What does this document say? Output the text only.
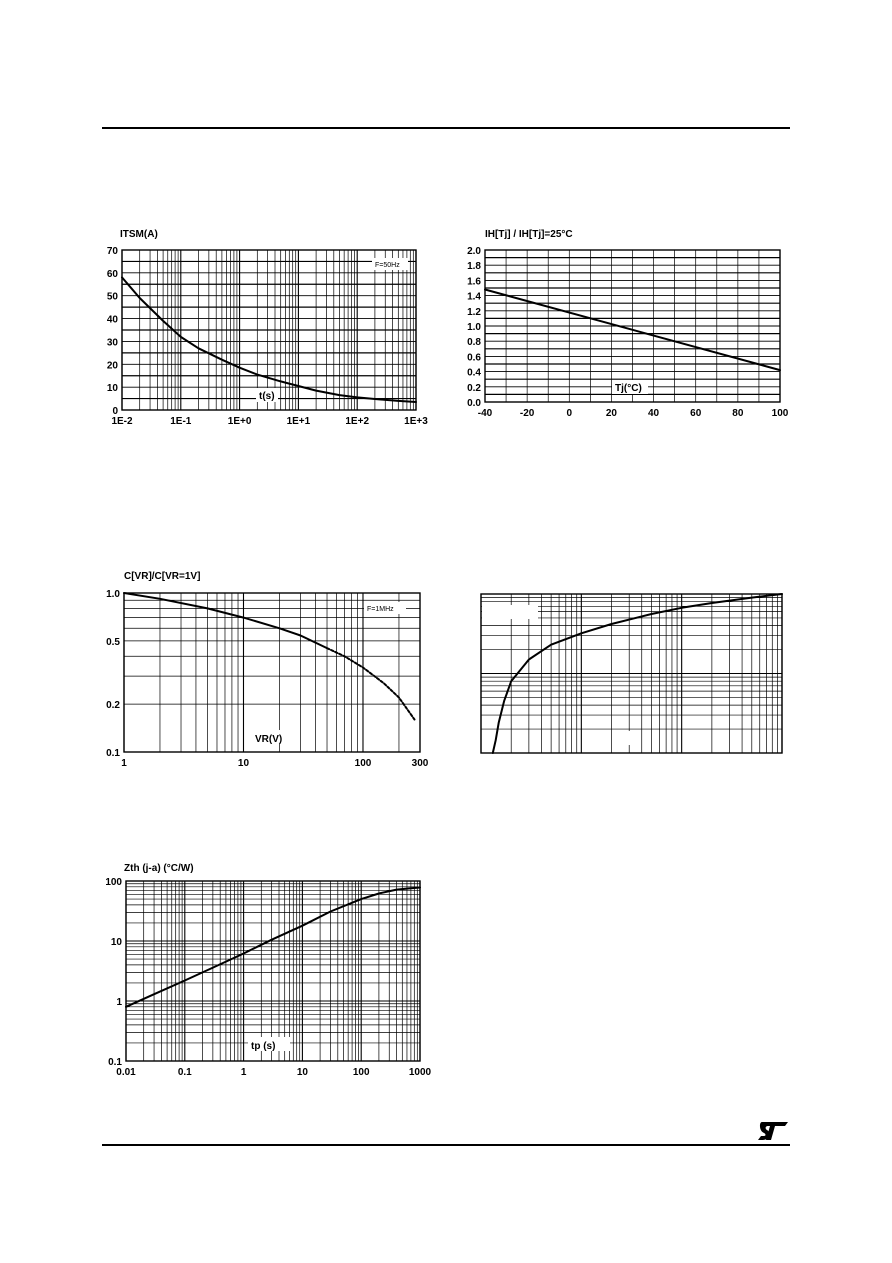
ITSM(A)
0
10
20
30
40
50
60
70
1E-2	1E-1	1E+0	1E+1	1E+2	1E+3
F=50Hz
t(s)
IH[Tj] / IH[Tj]=25°C
0.0
0.2
0.4
0.6
0.8
1.0
1.2
1.4
1.6
1.8
2.0
-40	-20	0	20	40	60	80	100
Tj(°C)
C[VR]/C[VR=1V]
0.1
0.2
0.5
1.0
1	10	100	300
F=1MHz
VR(V)
Zth (j-a) (°C/W)
0.1
1
10
100
0.01	0.1	1	10	100	1000
tp (s)
